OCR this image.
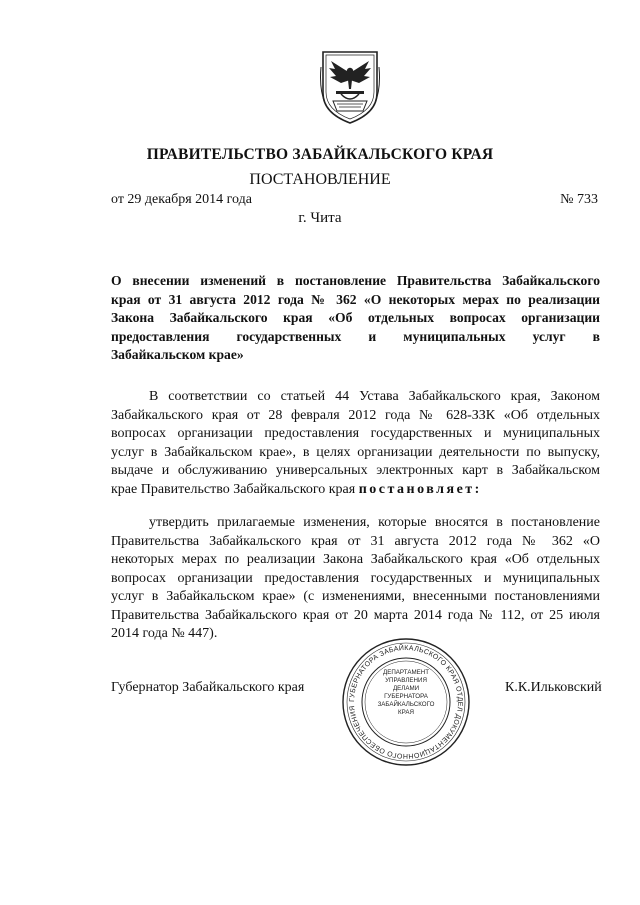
ПРАВИТЕЛЬСТВО ЗАБАЙКАЛЬСКОГО КРАЯ
ПОСТАНОВЛЕНИЕ
от 29 декабря 2014 года	№ 733
г. Чита
О внесении изменений в постановление Правительства Забайкальского
края от 31 августа 2012 года № 362 «О некоторых мерах по реализации
Закона Забайкальского края «Об отдельных вопросах организации
предоставления государственных и муниципальных услуг в
Забайкальском крае»
В соответствии со статьей 44 Устава Забайкальского края, Законом
Забайкальского края от 28 февраля 2012 года № 628-ЗЗК «Об отдельных
вопросах организации предоставления государственных и муниципальных
услуг в Забайкальском крае», в целях организации деятельности по выпуску,
выдаче и обслуживанию универсальных электронных карт в Забайкальском
крае Правительство Забайкальского края постановляет:
утвердить прилагаемые изменения, которые вносятся в постановление
Правительства Забайкальского края от 31 августа 2012 года № 362 «О
некоторых мерах по реализации Закона Забайкальского края «Об отдельных
вопросах организации предоставления государственных и муниципальных
услуг в Забайкальском крае» (с изменениями, внесенными постановлениями
Правительства Забайкальского края от 20 марта 2014 года № 112, от 25 июля
2014 года № 447).
Губернатор Забайкальского края
ГУБЕРНАТОРА ЗАБАЙКАЛЬСКОГО КРАЯ ОТДЕЛ ДОКУМЕНТАЦИОННОГО ОБЕСПЕЧЕНИЯ
ДЕПАРТАМЕНТ
УПРАВЛЕНИЯ
ДЕЛАМИ
ГУБЕРНАТОРА
ЗАБАЙКАЛЬСКОГО
КРАЯ
К.К.Ильковский
